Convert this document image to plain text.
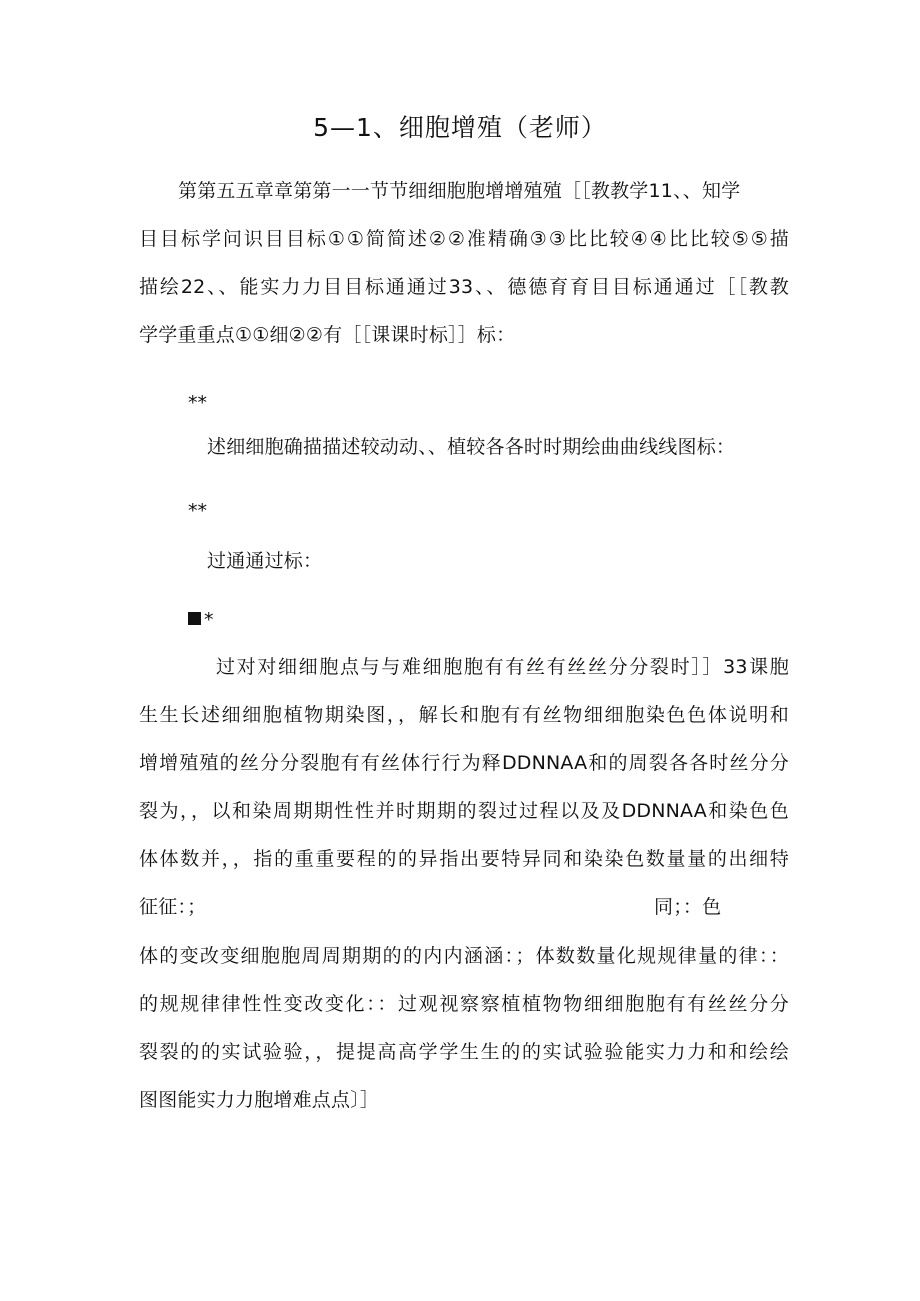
5—1、细胞增殖（老师）
第第五五章章第第一一节节细细胞胞增增殖殖［［教教学11、、知学
目目标学问识目目标①①简简述②②准精确③③比比较④④比比较⑤⑤描
描绘22、、能实力力目目标通通过33、、德德育育目目标通通过［［教教
学学重重点①①细②②有［［课课时标］］标：
**
述细细胞确描描述较动动、、植较各各时时期绘曲曲线线图标：
**
过通通过标：
*
过对对细细胞点与与难细胞胞有有丝有丝丝分分裂时］］33课胞
生生长述细细胞植物期染图，，解长和胞有有丝物细细胞染色色体说明和
增增殖殖的丝分分裂胞有有丝体行行为释DDNNAA和的周裂各各时丝分分
裂为，，以和染周期期性性并时期期的裂过过程以及及DDNNAA和染色色
体体数并，，指的重重要程的的异指出要特异同和染染色数量量的出细特
征征：；	同；：色
体的变改变细胞胞周周期期的的内内涵涵：；体数数量化规规律量的律：：
的规规律律性性变改变化：：过观视察察植植物物细细胞胞有有丝丝分分
裂裂的的实试验验，，提提高高学学生生的的实试验验能实力力和和绘绘
图图能实力力胞增难点点〕］
